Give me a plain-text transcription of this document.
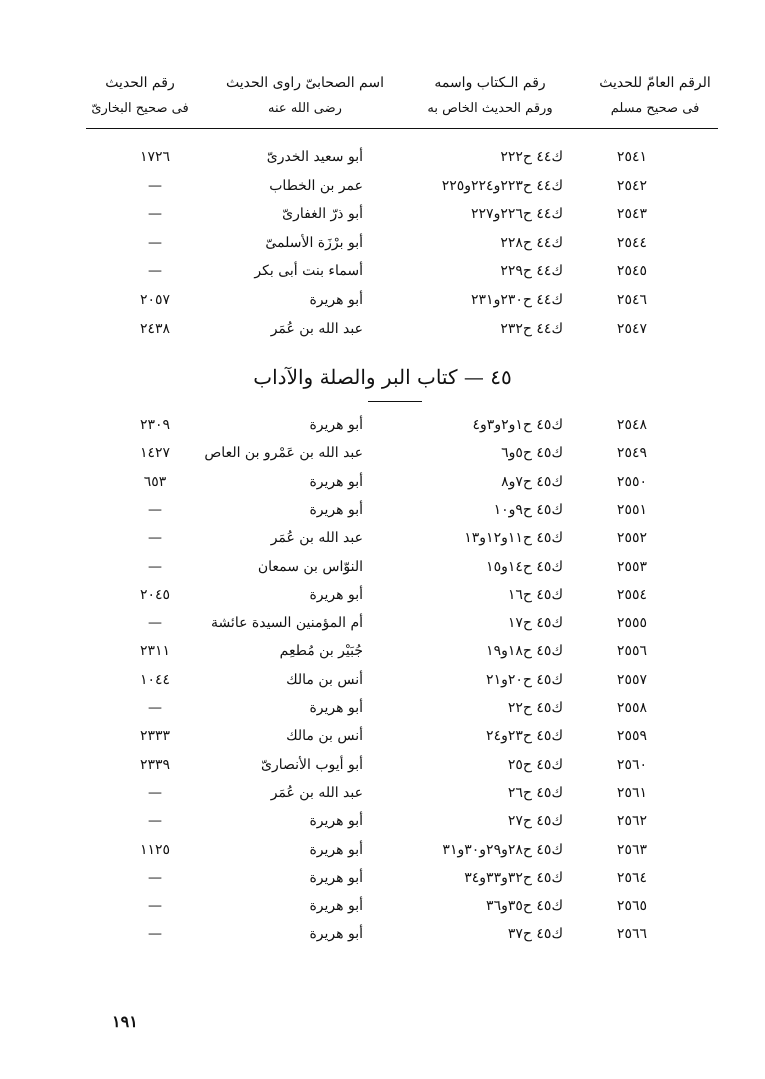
الرقم العامّ للحديث
فى صحيح مسلم
رقم الـكتاب واسمه
ورقم الحديث الخاص به
اسم الصحابىّ راوى الحديث
رضى الله عنه
رقم الحديث
فى صحيح البخارىّ
٢٥٤١
ك٤٤ ح٢٢٢
أبو سعيد الخدرىّ
١٧٢٦
٢٥٤٢
ك٤٤ ح٢٢٣و٢٢٤و٢٢٥
عمر بن الخطاب
—
٢٥٤٣
ك٤٤ ح٢٢٦و٢٢٧
أبو ذرّ الغفارىّ
—
٢٥٤٤
ك٤٤ ح٢٢٨
أبو برْزَة الأسلمىّ
—
٢٥٤٥
ك٤٤ ح٢٢٩
أسماء بنت أبى بكر
—
٢٥٤٦
ك٤٤ ح٢٣٠و٢٣١
أبو هريرة
٢٠٥٧
٢٥٤٧
ك٤٤ ح٢٣٢
عبد الله بن عُمَر
٢٤٣٨
٢٥٤٨
ك٤٥ ح١و٢و٣و٤
أبو هريرة
٢٣٠٩
٢٥٤٩
ك٤٥ ح٥و٦
عبد الله بن عَمْرو بن العاص
١٤٢٧
٢٥٥٠
ك٤٥ ح٧و٨
أبو هريرة
٦٥٣
٢٥٥١
ك٤٥ ح٩و١٠
أبو هريرة
—
٢٥٥٢
ك٤٥ ح١١و١٢و١٣
عبد الله بن عُمَر
—
٢٥٥٣
ك٤٥ ح١٤و١٥
النوّاس بن سمعان
—
٢٥٥٤
ك٤٥ ح١٦
أبو هريرة
٢٠٤٥
٢٥٥٥
ك٤٥ ح١٧
أم المؤمنين السيدة عائشة
—
٢٥٥٦
ك٤٥ ح١٨و١٩
جُبَيْر بن مُطعِم
٢٣١١
٢٥٥٧
ك٤٥ ح٢٠و٢١
أنس بن مالك
١٠٤٤
٢٥٥٨
ك٤٥ ح٢٢
أبو هريرة
—
٢٥٥٩
ك٤٥ ح٢٣و٢٤
أنس بن مالك
٢٣٣٣
٢٥٦٠
ك٤٥ ح٢٥
أبو أيوب الأنصارىّ
٢٣٣٩
٢٥٦١
ك٤٥ ح٢٦
عبد الله بن عُمَر
—
٢٥٦٢
ك٤٥ ح٢٧
أبو هريرة
—
٢٥٦٣
ك٤٥ ح٢٨و٢٩و٣٠و٣١
أبو هريرة
١١٢٥
٢٥٦٤
ك٤٥ ح٣٢و٣٣و٣٤
أبو هريرة
—
٢٥٦٥
ك٤٥ ح٣٥و٣٦
أبو هريرة
—
٢٥٦٦
ك٤٥ ح٣٧
أبو هريرة
—
٤٥ — كتاب البر والصلة والآداب
١٩١
